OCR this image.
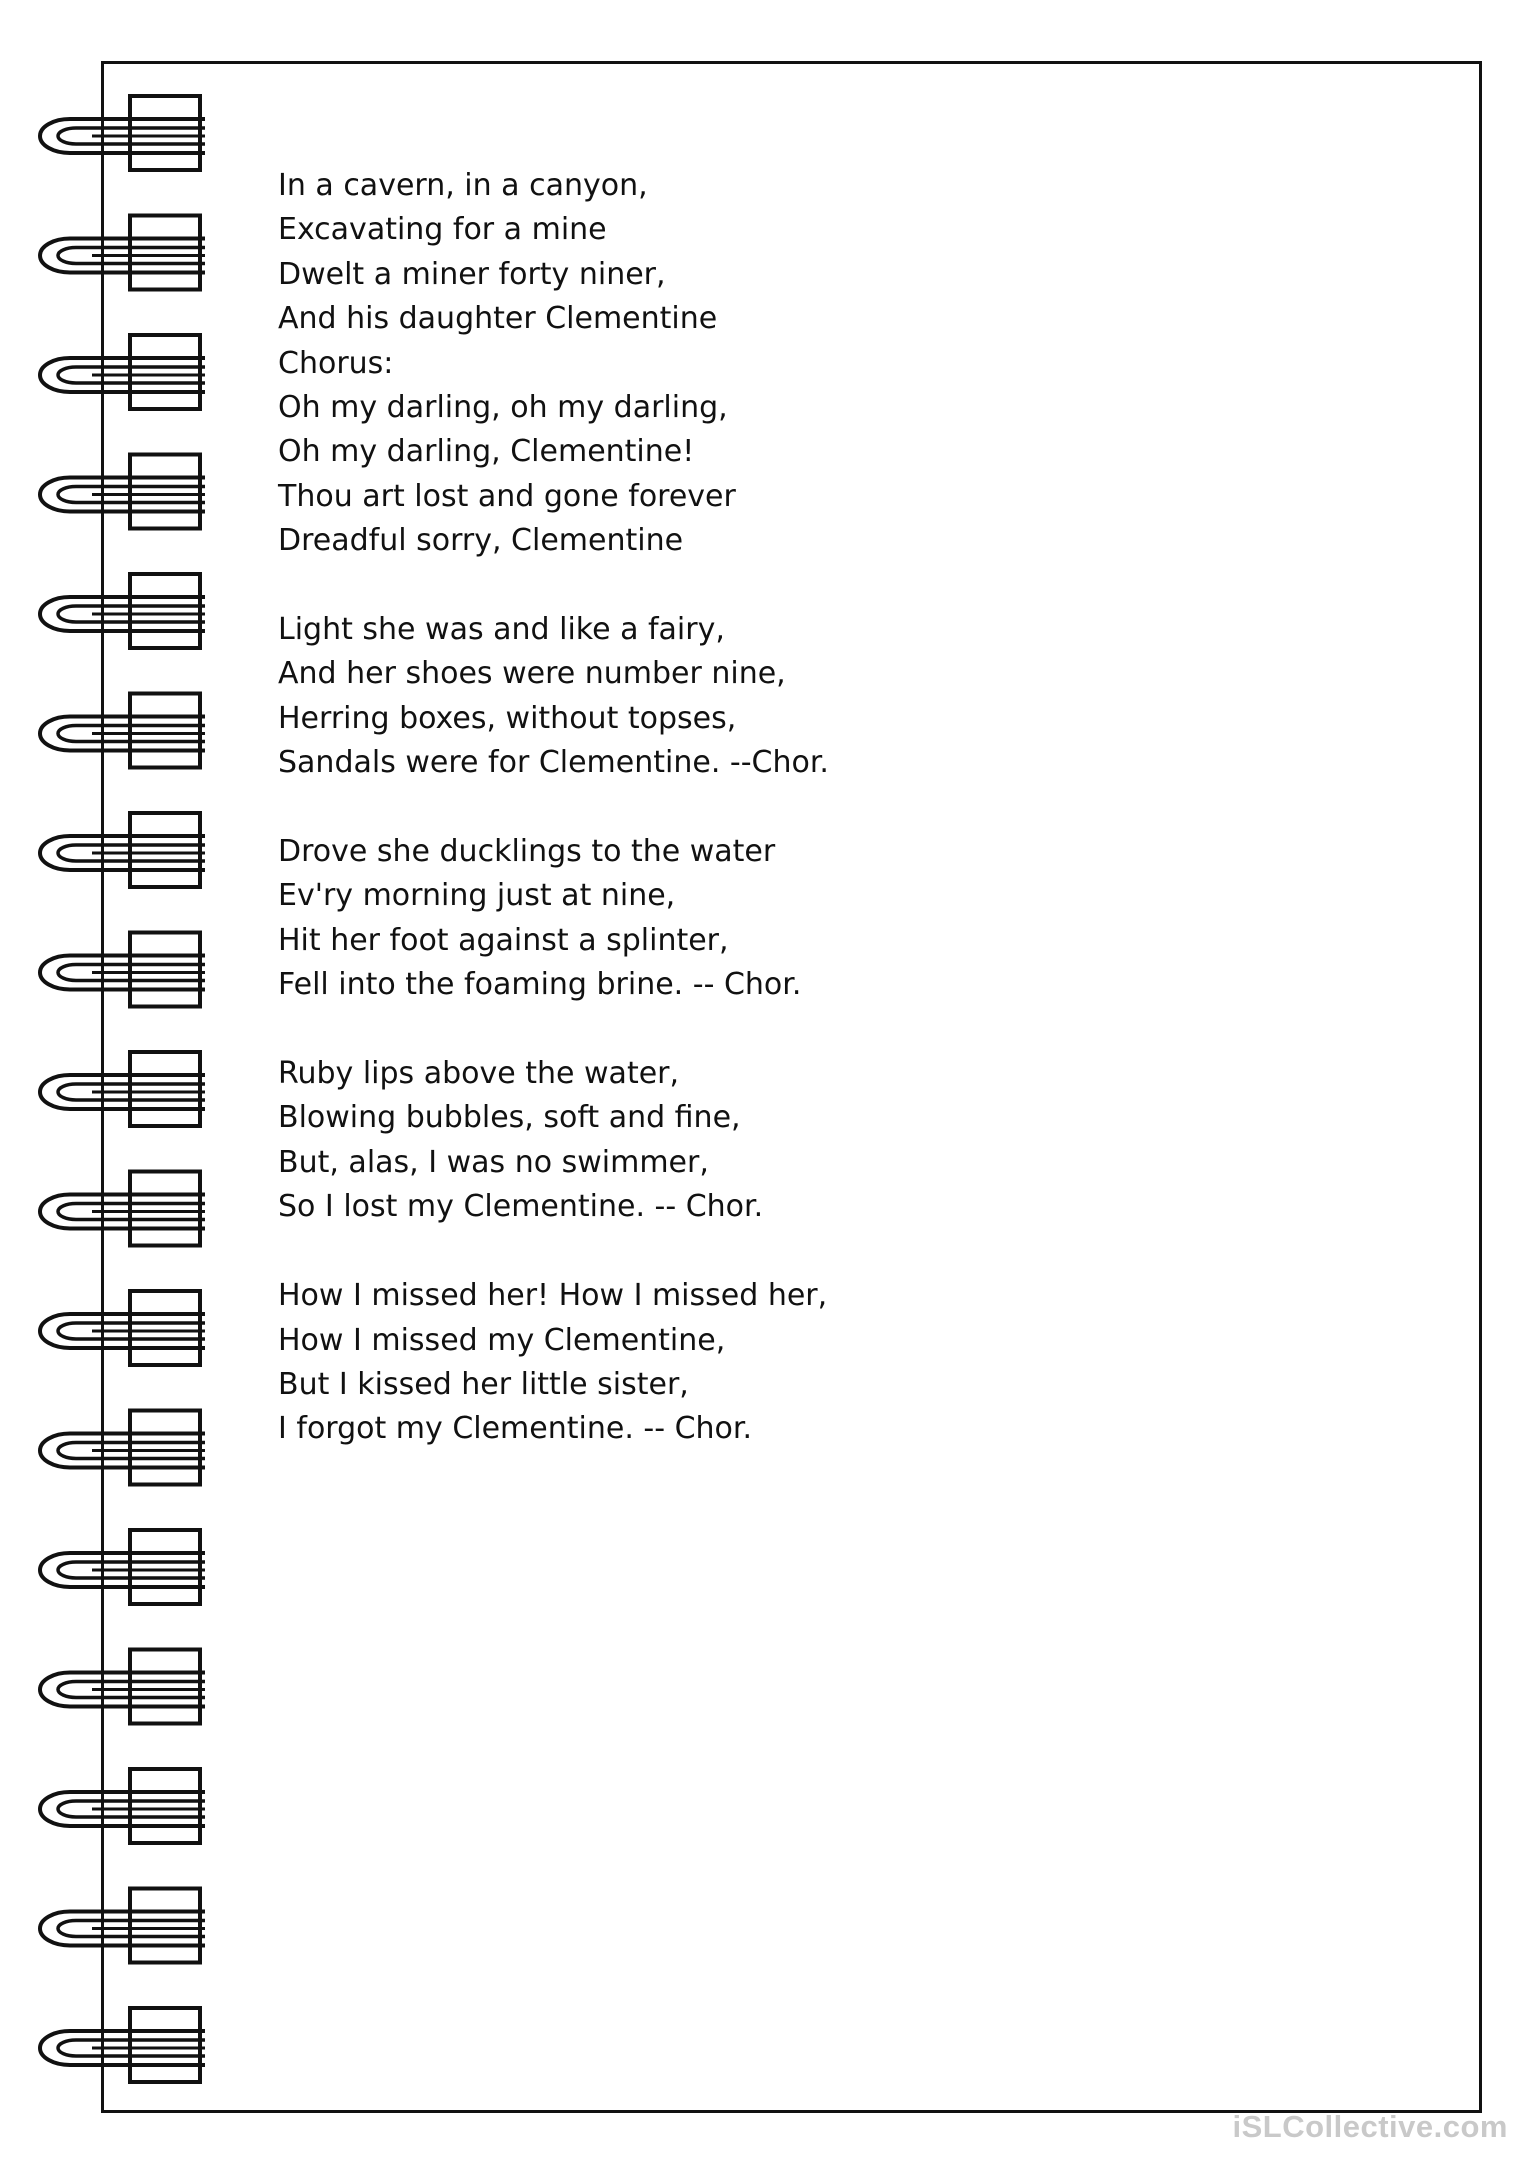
In a cavern, in a canyon,
Excavating for a mine
Dwelt a miner forty niner,
And his daughter Clementine
Chorus:
Oh my darling, oh my darling,
Oh my darling, Clementine!
Thou art lost and gone forever
Dreadful sorry, Clementine
Light she was and like a fairy,
And her shoes were number nine,
Herring boxes, without topses,
Sandals were for Clementine. --Chor.
Drove she ducklings to the water
Ev'ry morning just at nine,
Hit her foot against a splinter,
Fell into the foaming brine. -- Chor.
Ruby lips above the water,
Blowing bubbles, soft and fine,
But, alas, I was no swimmer,
So I lost my Clementine. -- Chor.
How I missed her! How I missed her,
How I missed my Clementine,
But I kissed her little sister,
I forgot my Clementine. -- Chor.
iSLCollective.com
